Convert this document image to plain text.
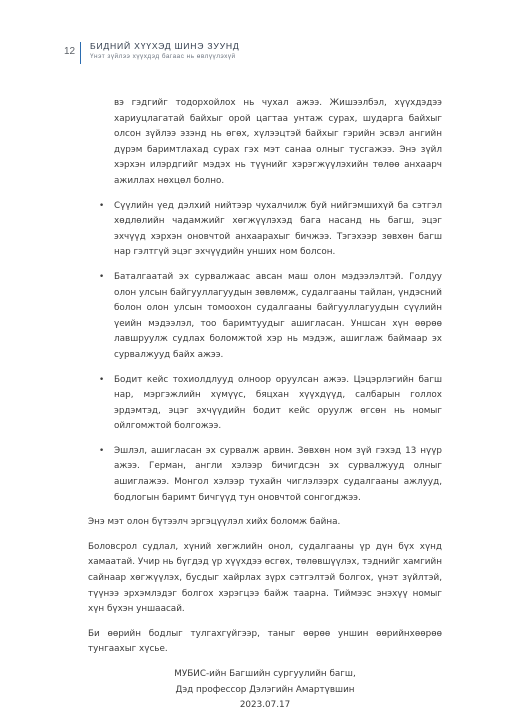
12 БИДНИЙ ХҮҮХЭД ШИНЭ ЗУУНД
Үнэт зүйлээ хүүхдэд багаас нь өвлүүлэхүй

вэ гэдгийг тодорхойлох нь чухал ажээ. Жишээлбэл, хүүхдэдээ хариуцлагатай байхыг орой цагтаа унтаж сурах, шударга байхыг олсон зүйлээ эзэнд нь өгөх, хүлээцтэй байхыг гэрийн эсвэл ангийн дүрэм баримтлахад сурах гэх мэт санаа олныг тусгажээ. Энэ зүйл хэрхэн илэрдгийг мэдэх нь түүнийг хэрэгжүүлэхийн төлөө анхаарч ажиллах нөхцөл болно.

• Сүүлийн үед дэлхий нийтээр чухалчилж буй нийгэмшихүй ба сэтгэл хөдлөлийн чадамжийг хөгжүүлэхэд бага насанд нь багш, эцэг эхчүүд хэрхэн оновчтой анхаарахыг бичжээ. Тэгэхээр зөвхөн багш нар гэлтгүй эцэг эхчүүдийн унших ном болсон.
• Баталгаатай эх сурвалжаас авсан маш олон мэдээлэлтэй. Голдуу олон улсын байгууллагуудын зөвлөмж, судалгааны тайлан, үндэсний болон олон улсын томоохон судалгааны байгууллагуудын сүүлийн үеийн мэдээлэл, тоо баримтуудыг ашигласан. Уншсан хүн өөрөө лавшруулж судлах боломжтой хэр нь мэдэж, ашиглаж баймаар эх сурвалжууд байх ажээ.
• Бодит кейс тохиолдлууд олноор оруулсан ажээ. Цэцэрлэгийн багш нар, мэргэжлийн хүмүүс, бяцхан хүүхдүүд, салбарын голлох эрдэмтэд, эцэг эхчүүдийн бодит кейс оруулж өгсөн нь номыг ойлгомжтой болгожээ.
• Эшлэл, ашигласан эх сурвалж арвин. Зөвхөн ном зүй гэхэд 13 нүүр ажээ. Герман, англи хэлээр бичигдсэн эх сурвалжууд олныг ашиглажээ. Монгол хэлээр тухайн чиглэлээрх судалгааны ажлууд, бодлогын баримт бичгүүд тун оновчтой сонгогджээ.

Энэ мэт олон бүтээлч эргэцүүлэл хийх боломж байна.

Боловсрол судлал, хүний хөгжлийн онол, судалгааны үр дүн бүх хүнд хамаатай. Учир нь бүгдэд үр хүүхдээ өсгөх, төлөвшүүлэх, тэднийг хамгийн сайнаар хөгжүүлэх, бусдыг хайрлах зүрх сэтгэлтэй болгох, үнэт зүйлтэй, түүнээ эрхэмлэдэг болгох хэрэгцээ байж таарна. Тиймээс энэхүү номыг хүн бүхэн уншаасай.

Би өөрийн бодлыг тулгахгүйгээр, таныг өөрөө уншин өөрийнхөөрөө тунгаахыг хүсье.

МУБИС-ийн Багшийн сургуулийн багш,
Дэд профессор Дэлэгийн Амартүвшин
2023.07.17
